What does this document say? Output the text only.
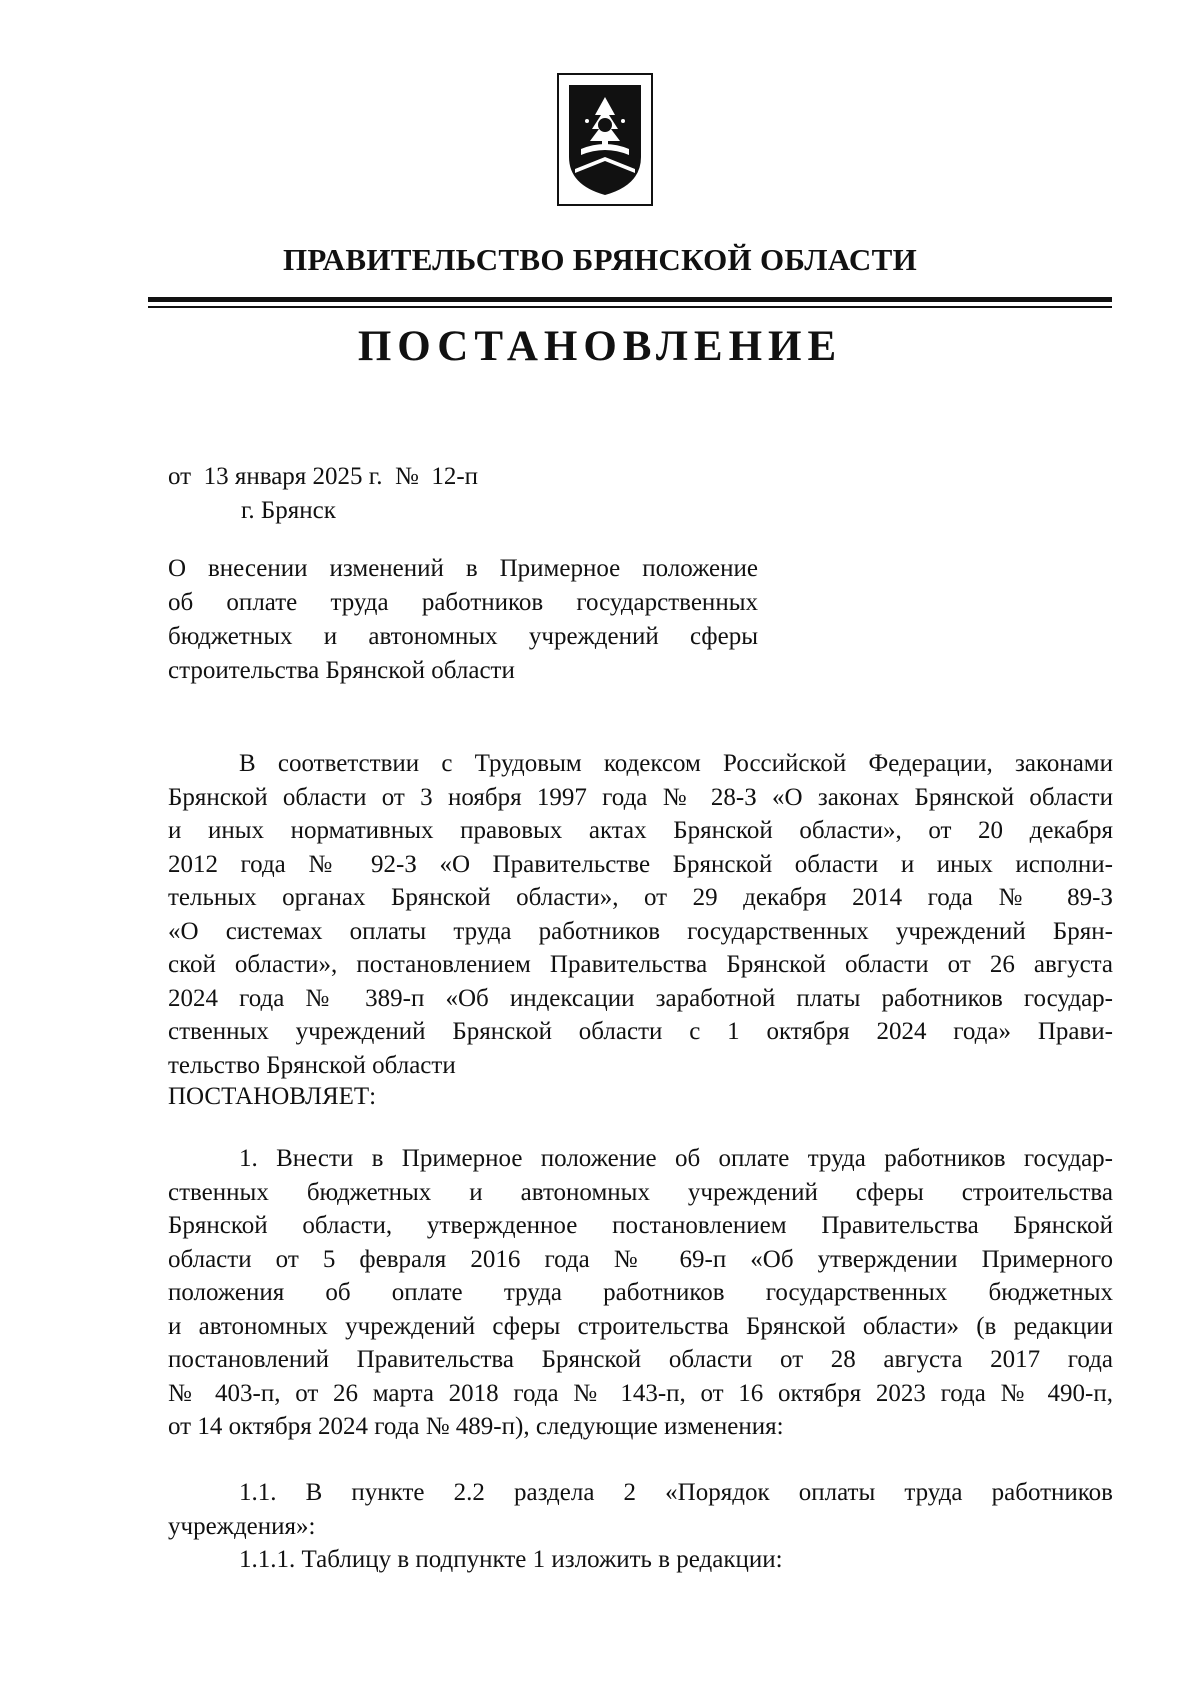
ПРАВИТЕЛЬСТВО БРЯНСКОЙ ОБЛАСТИ
ПОСТАНОВЛЕНИЕ
от  13 января 2025 г.  №  12-п
г. Брянск
О внесении изменений в Примерное положение
об оплате труда работников государственных
бюджетных и автономных учреждений сферы
строительства Брянской области
В соответствии с Трудовым кодексом Российской Федерации, законами
Брянской области от 3 ноября 1997 года № 28-З «О законах Брянской области
и иных нормативных правовых актах Брянской области», от 20 декабря
2012 года № 92-З «О Правительстве Брянской области и иных исполни-
тельных органах Брянской области», от 29 декабря 2014 года № 89-З
«О системах оплаты труда работников государственных учреждений Брян-
ской области», постановлением Правительства Брянской области от 26 августа
2024 года № 389-п «Об индексации заработной платы работников государ-
ственных учреждений Брянской области с 1 октября 2024 года» Прави-
тельство Брянской области
ПОСТАНОВЛЯЕТ:
1. Внести в Примерное положение об оплате труда работников государ-
ственных бюджетных и автономных учреждений сферы строительства
Брянской области, утвержденное постановлением Правительства Брянской
области от 5 февраля 2016 года № 69-п «Об утверждении Примерного
положения об оплате труда работников государственных бюджетных
и автономных учреждений сферы строительства Брянской области» (в редакции
постановлений Правительства Брянской области от 28 августа 2017 года
№ 403-п, от 26 марта 2018 года № 143-п, от 16 октября 2023 года № 490-п,
от 14 октября 2024 года № 489-п), следующие изменения:
1.1. В пункте 2.2 раздела 2 «Порядок оплаты труда работников
учреждения»:
1.1.1. Таблицу в подпункте 1 изложить в редакции:
